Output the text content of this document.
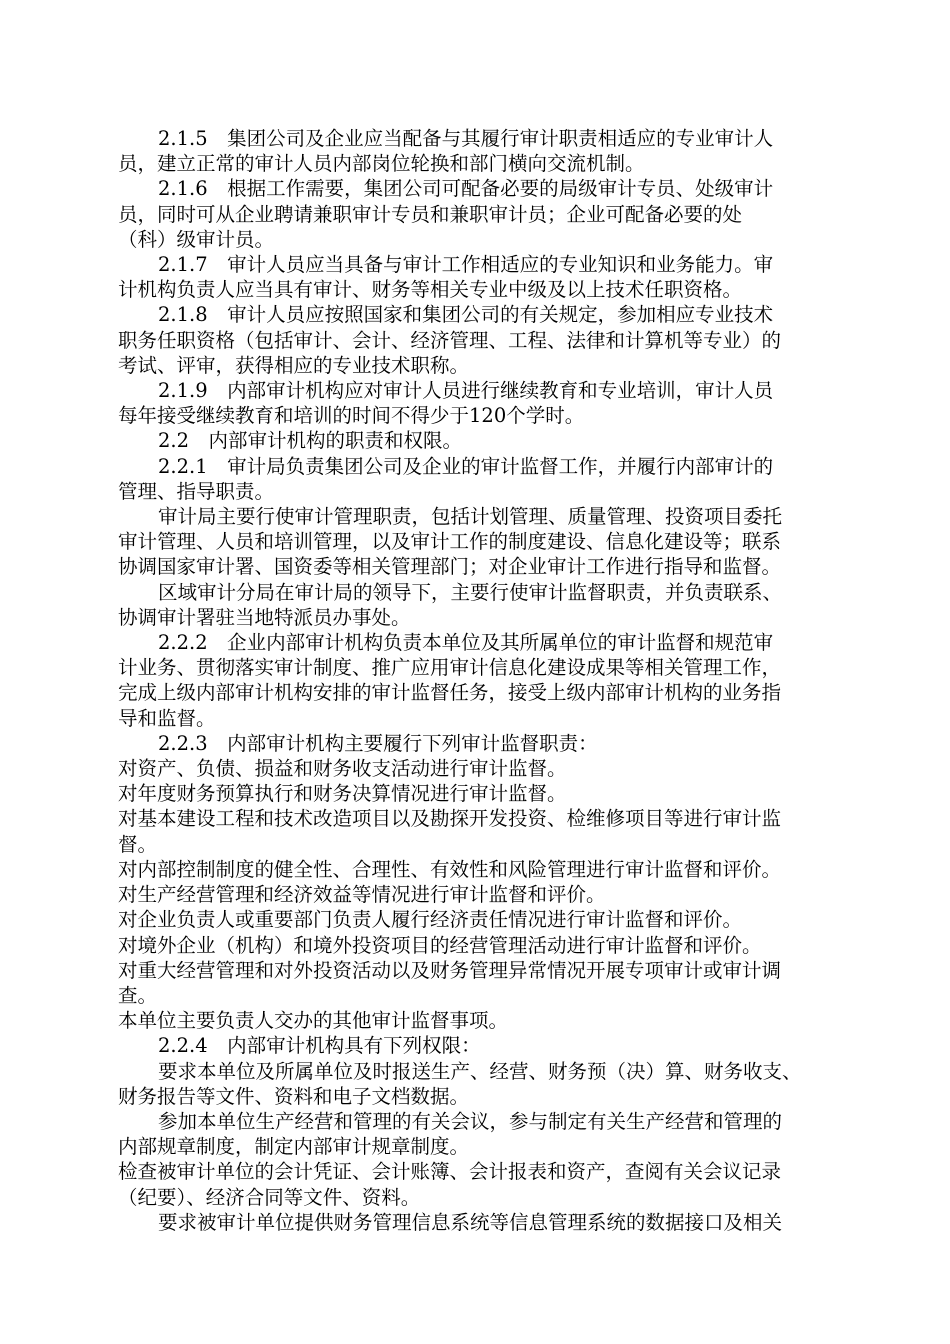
2.1.5　集团公司及企业应当配备与其履行审计职责相适应的专业审计人

员，建立正常的审计人员内部岗位轮换和部门横向交流机制。

2.1.6　根据工作需要，集团公司可配备必要的局级审计专员、处级审计

员，同时可从企业聘请兼职审计专员和兼职审计员；企业可配备必要的处

（科）级审计员。

2.1.7　审计人员应当具备与审计工作相适应的专业知识和业务能力。审

计机构负责人应当具有审计、财务等相关专业中级及以上技术任职资格。

2.1.8　审计人员应按照国家和集团公司的有关规定，参加相应专业技术

职务任职资格（包括审计、会计、经济管理、工程、法律和计算机等专业）的

考试、评审，获得相应的专业技术职称。

2.1.9　内部审计机构应对审计人员进行继续教育和专业培训，审计人员

每年接受继续教育和培训的时间不得少于120个学时。

2.2　内部审计机构的职责和权限。

2.2.1　审计局负责集团公司及企业的审计监督工作，并履行内部审计的

管理、指导职责。

审计局主要行使审计管理职责，包括计划管理、质量管理、投资项目委托

审计管理、人员和培训管理，以及审计工作的制度建设、信息化建设等；联系

协调国家审计署、国资委等相关管理部门；对企业审计工作进行指导和监督。

区域审计分局在审计局的领导下，主要行使审计监督职责，并负责联系、

协调审计署驻当地特派员办事处。

2.2.2　企业内部审计机构负责本单位及其所属单位的审计监督和规范审

计业务、贯彻落实审计制度、推广应用审计信息化建设成果等相关管理工作，

完成上级内部审计机构安排的审计监督任务，接受上级内部审计机构的业务指

导和监督。

2.2.3　内部审计机构主要履行下列审计监督职责：

对资产、负债、损益和财务收支活动进行审计监督。

对年度财务预算执行和财务决算情况进行审计监督。

对基本建设工程和技术改造项目以及勘探开发投资、检维修项目等进行审计监

督。

对内部控制制度的健全性、合理性、有效性和风险管理进行审计监督和评价。

对生产经营管理和经济效益等情况进行审计监督和评价。

对企业负责人或重要部门负责人履行经济责任情况进行审计监督和评价。

对境外企业（机构）和境外投资项目的经营管理活动进行审计监督和评价。

对重大经营管理和对外投资活动以及财务管理异常情况开展专项审计或审计调

查。

本单位主要负责人交办的其他审计监督事项。

2.2.4　内部审计机构具有下列权限：

要求本单位及所属单位及时报送生产、经营、财务预（决）算、财务收支、

财务报告等文件、资料和电子文档数据。

参加本单位生产经营和管理的有关会议，参与制定有关生产经营和管理的

内部规章制度，制定内部审计规章制度。

检查被审计单位的会计凭证、会计账簿、会计报表和资产，查阅有关会议记录

（纪要）、经济合同等文件、资料。

要求被审计单位提供财务管理信息系统等信息管理系统的数据接口及相关
